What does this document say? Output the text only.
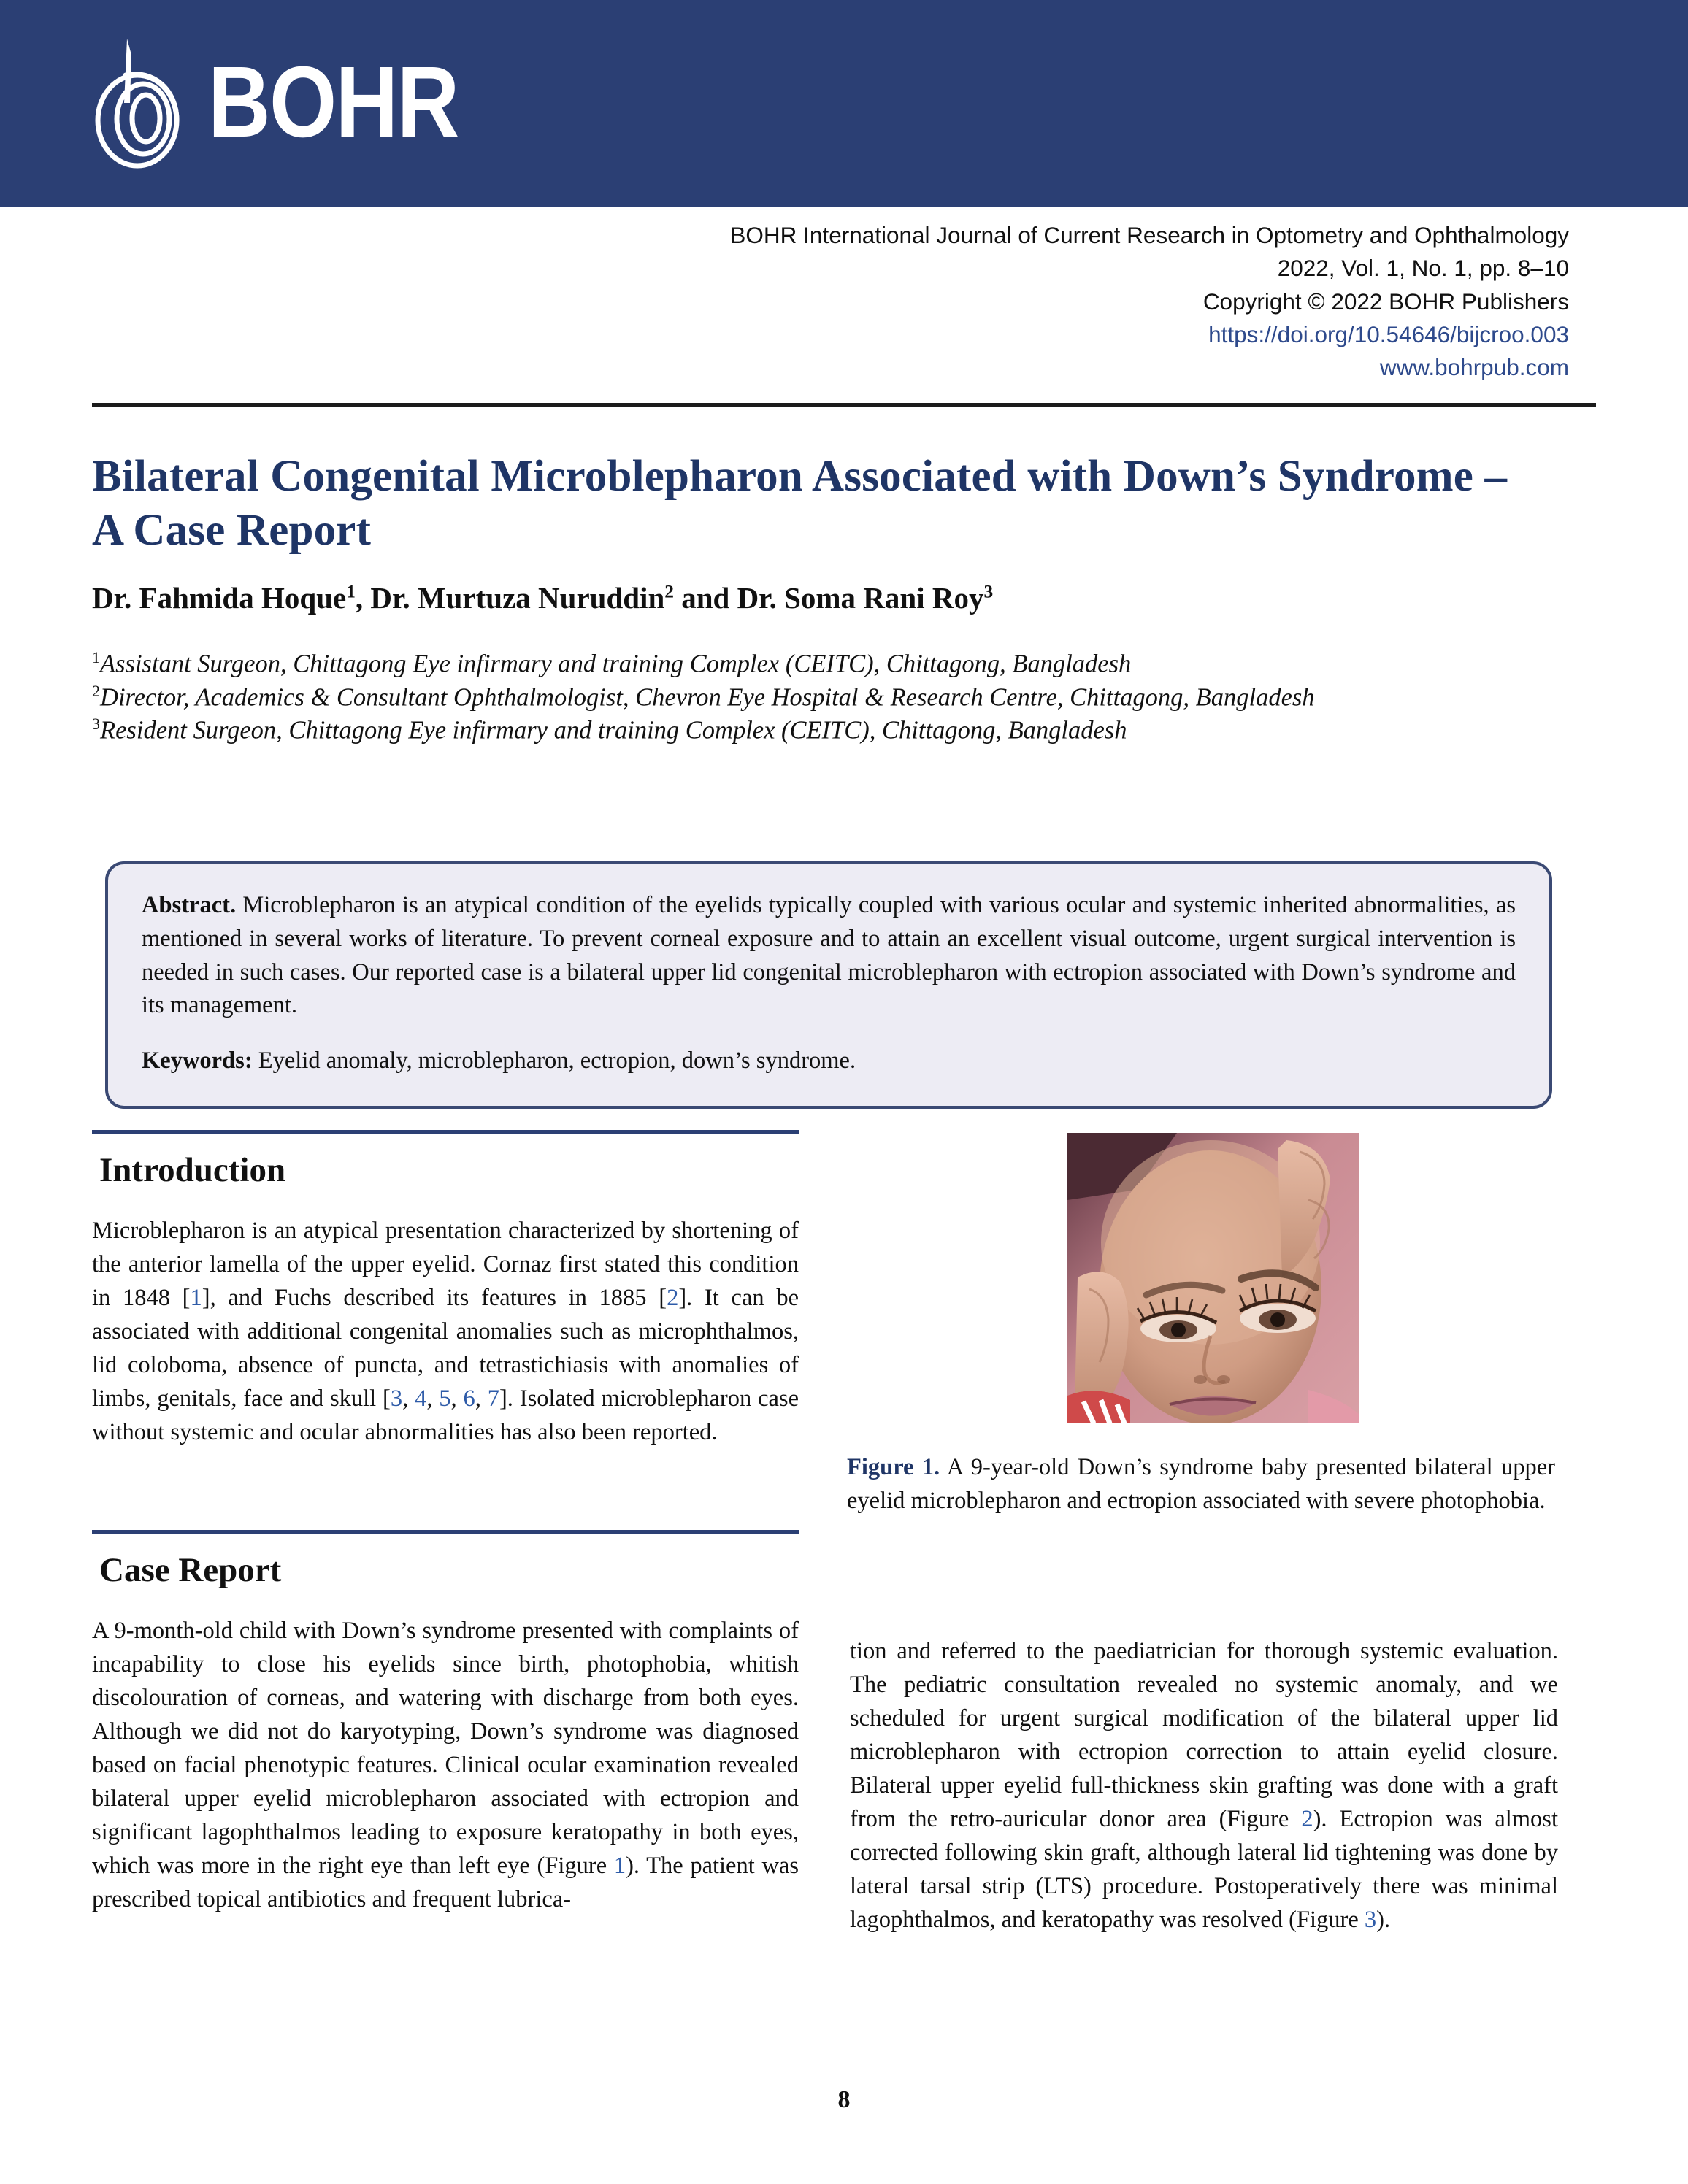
BOHR
BOHR International Journal of Current Research in Optometry and Ophthalmology
2022, Vol. 1, No. 1, pp. 8–10
Copyright © 2022 BOHR Publishers
https://doi.org/10.54646/bijcroo.003
www.bohrpub.com
Bilateral Congenital Microblepharon Associated with Down’s Syndrome – A Case Report
Dr. Fahmida Hoque$^1$, Dr. Murtuza Nuruddin$^2$ and Dr. Soma Rani Roy$^3$
$^1$Assistant Surgeon, Chittagong Eye infirmary and training Complex (CEITC), Chittagong, Bangladesh
$^2$Director, Academics & Consultant Ophthalmologist, Chevron Eye Hospital & Research Centre, Chittagong, Bangladesh
$^3$Resident Surgeon, Chittagong Eye infirmary and training Complex (CEITC), Chittagong, Bangladesh

Abstract. Microblepharon is an atypical condition of the eyelids typically coupled with various ocular and systemic inherited abnormalities, as mentioned in several works of literature. To prevent corneal exposure and to attain an excellent visual outcome, urgent surgical intervention is needed in such cases. Our reported case is a bilateral upper lid congenital microblepharon with ectropion associated with Down’s syndrome and its management.

Keywords: Eyelid anomaly, microblepharon, ectropion, down’s syndrome.

Introduction

Microblepharon is an atypical presentation characterized by shortening of the anterior lamella of the upper eyelid. Cornaz first stated this condition in 1848 [1], and Fuchs described its features in 1885 [2]. It can be associated with additional congenital anomalies such as microphthalmos, lid coloboma, absence of puncta, and tetrastichiasis with anomalies of limbs, genitals, face and skull [3, 4, 5, 6, 7]. Isolated microblepharon case without systemic and ocular abnormalities has also been reported.

Case Report

A 9-month-old child with Down’s syndrome presented with complaints of incapability to close his eyelids since birth, photophobia, whitish discolouration of corneas, and watering with discharge from both eyes. Although we did not do karyotyping, Down’s syndrome was diagnosed based on facial phenotypic features. Clinical ocular examination revealed bilateral upper eyelid microblepharon associated with ectropion and significant lagophthalmos leading to exposure keratopathy in both eyes, which was more in the right eye than left eye (Figure 1). The patient was prescribed topical antibiotics and frequent lubrica-

Figure 1. A 9-year-old Down’s syndrome baby presented bilateral upper eyelid microblepharon and ectropion associated with severe photophobia.

tion and referred to the paediatrician for thorough systemic evaluation. The pediatric consultation revealed no systemic anomaly, and we scheduled for urgent surgical modification of the bilateral upper lid microblepharon with ectropion correction to attain eyelid closure. Bilateral upper eyelid full-thickness skin grafting was done with a graft from the retro-auricular donor area (Figure 2). Ectropion was almost corrected following skin graft, although lateral lid tightening was done by lateral tarsal strip (LTS) procedure. Postoperatively there was minimal lagophthalmos, and keratopathy was resolved (Figure 3).

8
